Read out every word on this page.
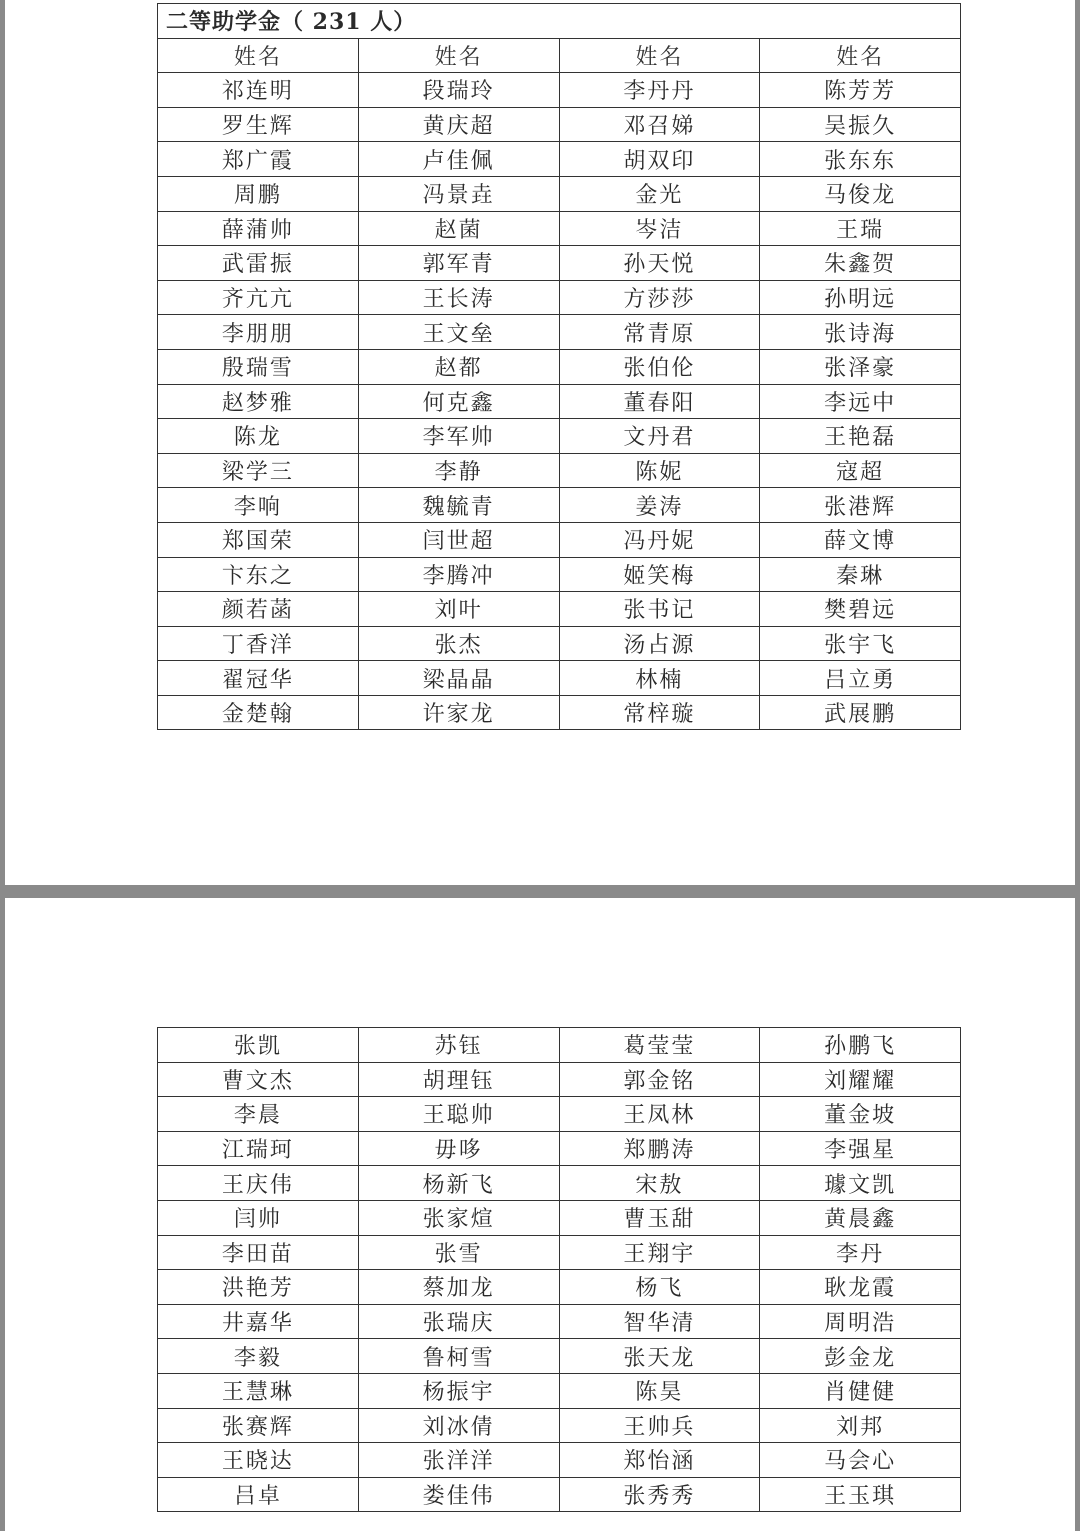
二等助学金（ 231 人）			
姓名	姓名	姓名	姓名
祁连明	段瑞玲	李丹丹	陈芳芳
罗生辉	黄庆超	邓召娣	吴振久
郑广霞	卢佳佩	胡双印	张东东
周鹏	冯景垚	金光	马俊龙
薛蒲帅	赵菌	岑洁	王瑞
武雷振	郭军青	孙天悦	朱鑫贺
齐亢亢	王长涛	方莎莎	孙明远
李朋朋	王文垒	常青原	张诗海
殷瑞雪	赵都	张伯伦	张泽豪
赵梦雅	何克鑫	董春阳	李远中
陈龙	李军帅	文丹君	王艳磊
梁学三	李静	陈妮	寇超
李响	魏毓青	姜涛	张港辉
郑国荣	闫世超	冯丹妮	薛文博
卞东之	李腾冲	姬笑梅	秦琳
颜若菡	刘叶	张书记	樊碧远
丁香洋	张杰	汤占源	张宇飞
翟冠华	梁晶晶	林楠	吕立勇
金楚翰	许家龙	常梓璇	武展鹏
张凯	苏钰	葛莹莹	孙鹏飞
曹文杰	胡理钰	郭金铭	刘耀耀
李晨	王聪帅	王凤林	董金坡
江瑞珂	毋哆	郑鹏涛	李强星
王庆伟	杨新飞	宋敖	璩文凯
闫帅	张家煊	曹玉甜	黄晨鑫
李田苗	张雪	王翔宇	李丹
洪艳芳	蔡加龙	杨飞	耿龙霞
井嘉华	张瑞庆	智华清	周明浩
李毅	鲁柯雪	张天龙	彭金龙
王慧琳	杨振宇	陈昊	肖健健
张赛辉	刘冰倩	王帅兵	刘邦
王晓达	张洋洋	郑怡涵	马会心
吕卓	娄佳伟	张秀秀	王玉琪
